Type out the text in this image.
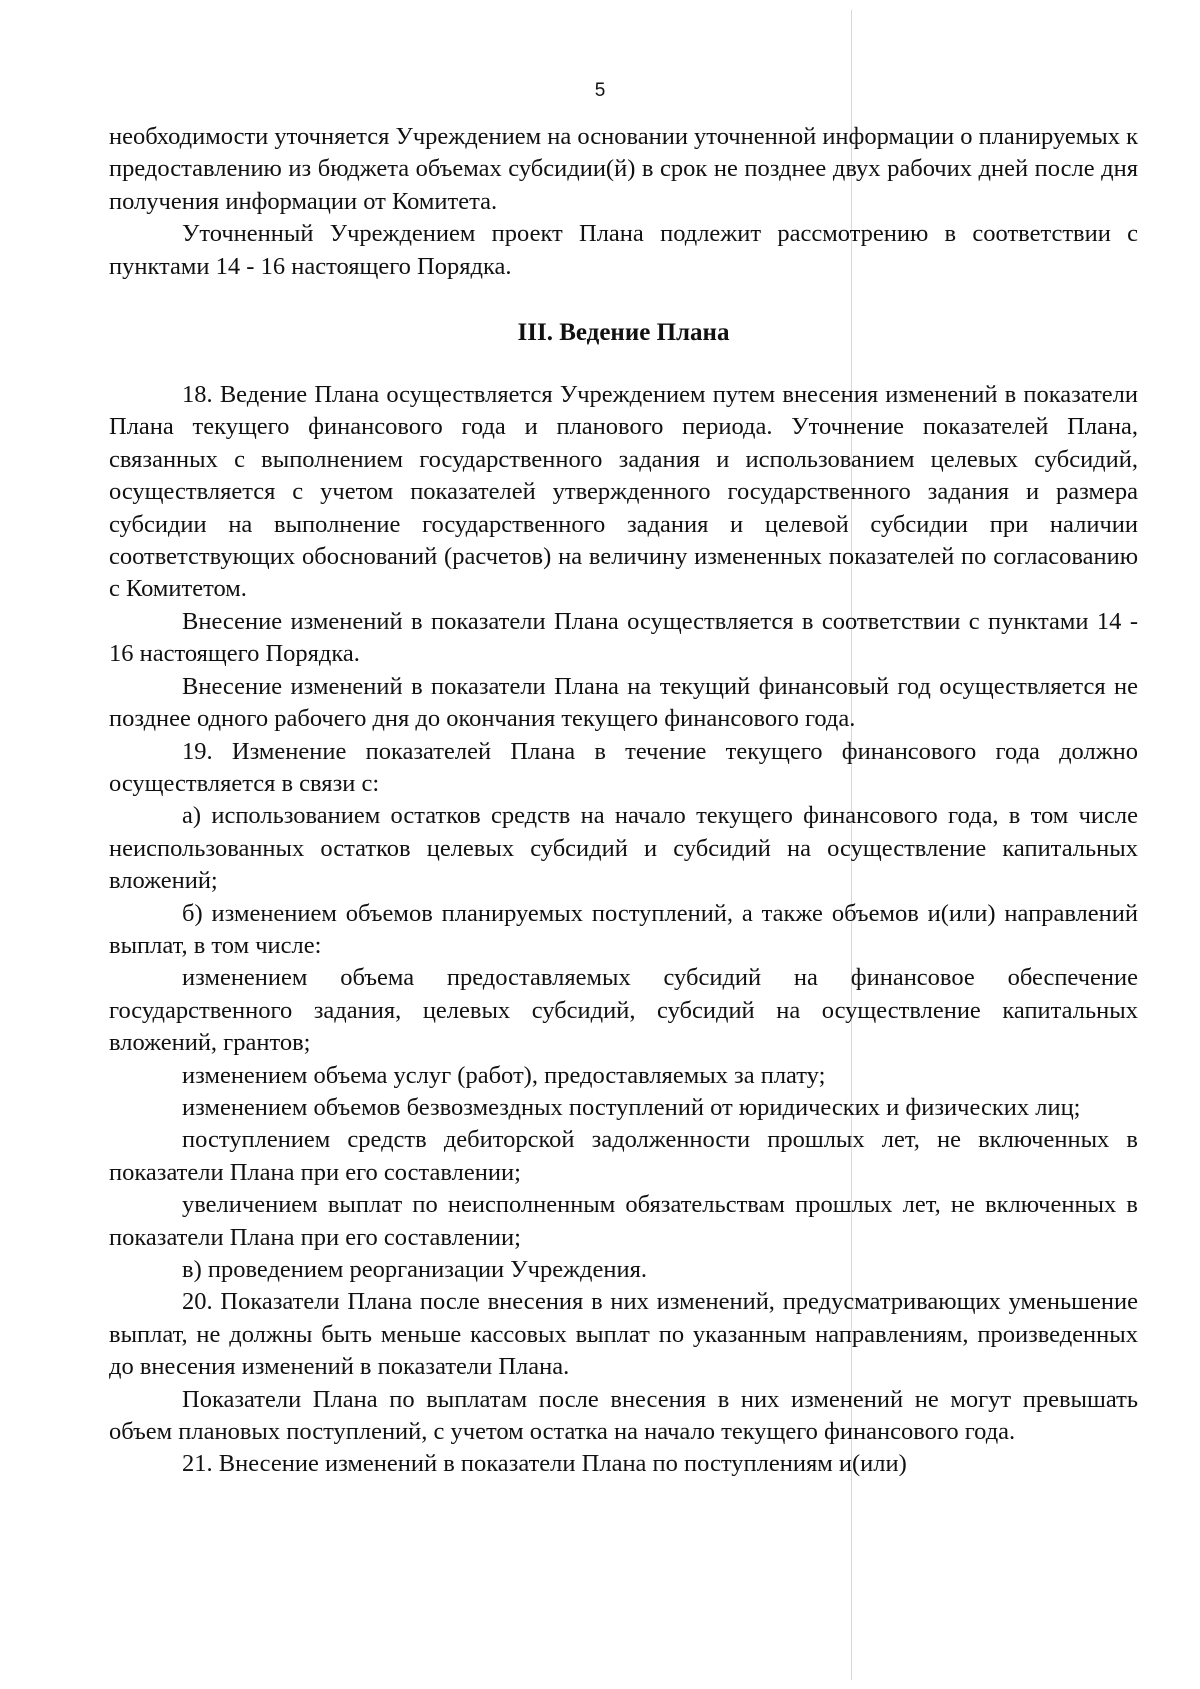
5

необходимости уточняется Учреждением на основании уточненной информации о планируемых к предоставлению из бюджета объемах субсидии(й) в срок не позднее двух рабочих дней после дня получения информации от Комитета.

Уточненный Учреждением проект Плана подлежит рассмотрению в соответствии с пунктами 14 - 16 настоящего Порядка.

III. Ведение Плана

18. Ведение Плана осуществляется Учреждением путем внесения изменений в показатели Плана текущего финансового года и планового периода. Уточнение показателей Плана, связанных с выполнением государственного задания и использованием целевых субсидий, осуществляется с учетом показателей утвержденного государственного задания и размера субсидии на выполнение государственного задания и целевой субсидии при наличии соответствующих обоснований (расчетов) на величину измененных показателей по согласованию с Комитетом.

Внесение изменений в показатели Плана осуществляется в соответствии с пунктами 14 - 16 настоящего Порядка.

Внесение изменений в показатели Плана на текущий финансовый год осуществляется не позднее одного рабочего дня до окончания текущего финансового года.

19. Изменение показателей Плана в течение текущего финансового года должно осуществляется в связи с:

а) использованием остатков средств на начало текущего финансового года, в том числе неиспользованных остатков целевых субсидий и субсидий на осуществление капитальных вложений;

б) изменением объемов планируемых поступлений, а также объемов и(или) направлений выплат, в том числе:

изменением объема предоставляемых субсидий на финансовое обеспечение государственного задания, целевых субсидий, субсидий на осуществление капитальных вложений, грантов;

изменением объема услуг (работ), предоставляемых за плату;

изменением объемов безвозмездных поступлений от юридических и физических лиц;

поступлением средств дебиторской задолженности прошлых лет, не включенных в показатели Плана при его составлении;

увеличением выплат по неисполненным обязательствам прошлых лет, не включенных в показатели Плана при его составлении;

в) проведением реорганизации Учреждения.

20. Показатели Плана после внесения в них изменений, предусматривающих уменьшение выплат, не должны быть меньше кассовых выплат по указанным направлениям, произведенных до внесения изменений в показатели Плана.

Показатели Плана по выплатам после внесения в них изменений не могут превышать объем плановых поступлений, с учетом остатка на начало текущего финансового года.

21. Внесение изменений в показатели Плана по поступлениям и(или)
